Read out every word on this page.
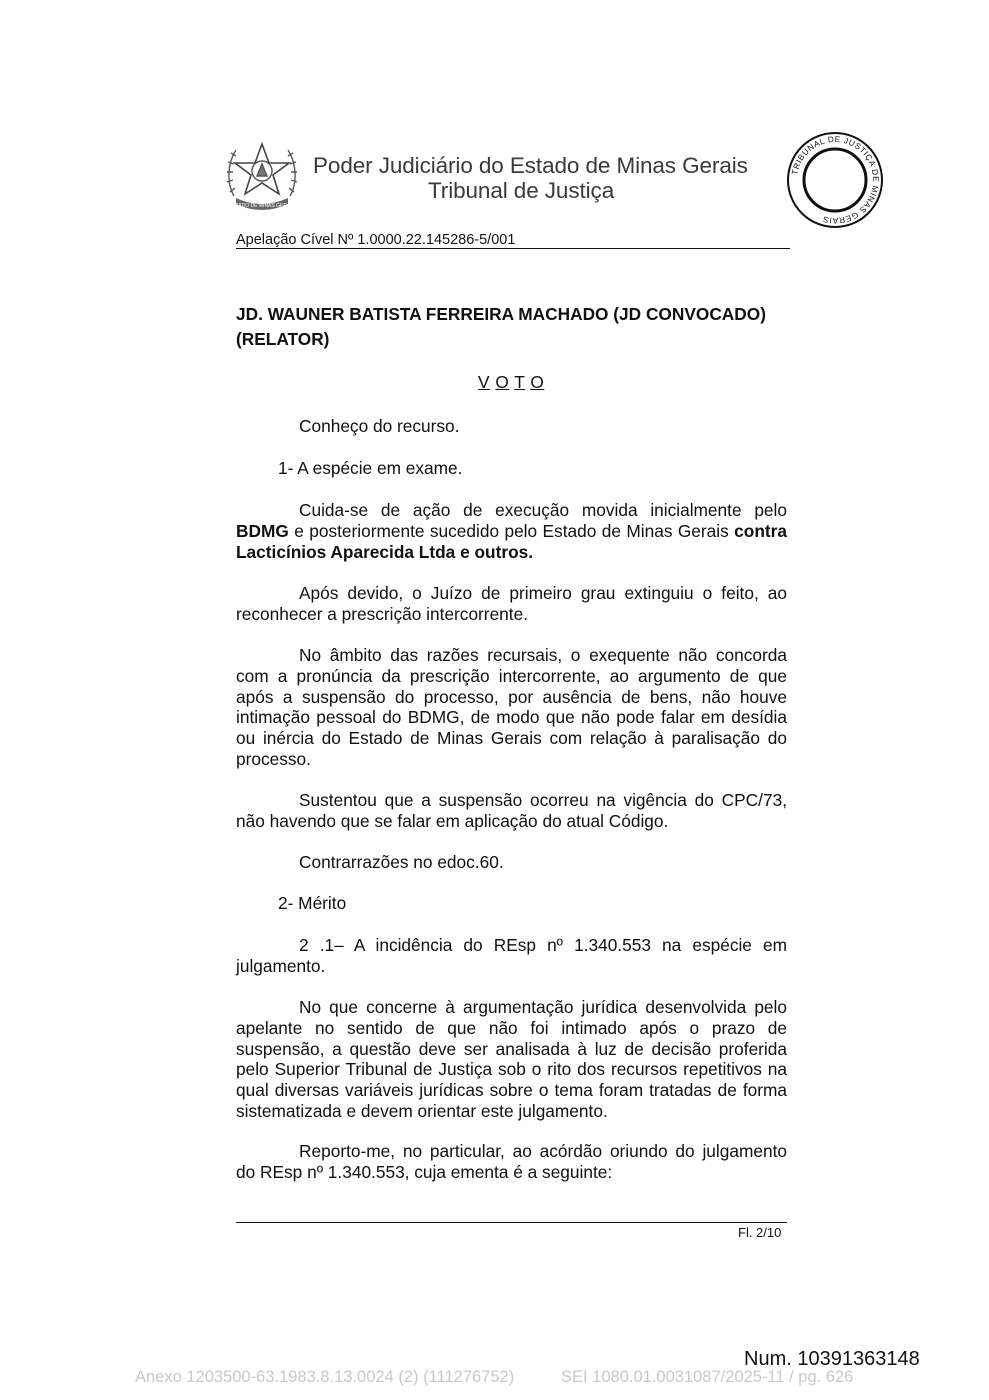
ESTADO DE MINAS GERAIS
Poder Judiciário do Estado de Minas Gerais
Tribunal de Justiça
TRIBUNAL DE JUSTIÇA DE MINAS GERAIS
Apelação Cível Nº 1.0000.22.145286-5/001
JD. WAUNER BATISTA FERREIRA MACHADO (JD CONVOCADO) (RELATOR)
V O T O
Conheço do recurso.
1- A espécie em exame.
Cuida-se de ação de execução movida inicialmente pelo BDMG e posteriormente sucedido pelo Estado de Minas Gerais contra Lacticínios Aparecida Ltda e outros.
Após devido, o Juízo de primeiro grau extinguiu o feito, ao reconhecer a prescrição intercorrente.
No âmbito das razões recursais, o exequente não concorda com a pronúncia da prescrição intercorrente, ao argumento de que após a suspensão do processo, por ausência de bens, não houve intimação pessoal do BDMG, de modo que não pode falar em desídia ou inércia do Estado de Minas Gerais com relação à paralisação do processo.
Sustentou que a suspensão ocorreu na vigência do CPC/73, não havendo que se falar em aplicação do atual Código.
Contrarrazões no edoc.60.
2- Mérito
2 .1– A incidência do REsp nº 1.340.553 na espécie em julgamento.
No que concerne à argumentação jurídica desenvolvida pelo apelante no sentido de que não foi intimado após o prazo de suspensão, a questão deve ser analisada à luz de decisão proferida pelo Superior Tribunal de Justiça sob o rito dos recursos repetitivos na qual diversas variáveis jurídicas sobre o tema foram tratadas de forma sistematizada e devem orientar este julgamento.
Reporto-me, no particular, ao acórdão oriundo do julgamento do REsp nº 1.340.553, cuja ementa é a seguinte:
Fl. 2/10
Num. 10391363148
Anexo 1203500-63.1983.8.13.0024 (2) (111276752)	SEI 1080.01.0031087/2025-11 / pg. 626
